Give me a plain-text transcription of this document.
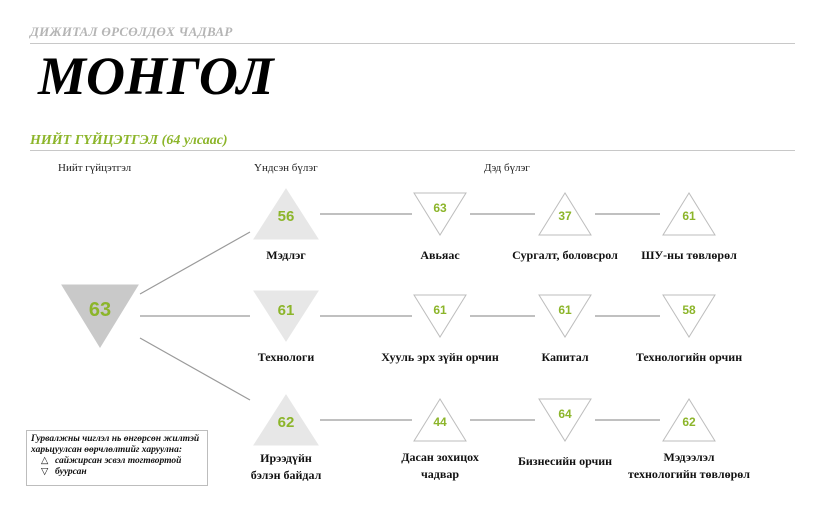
ДИЖИТАЛ ӨРСӨЛДӨХ ЧАДВАР
МОНГОЛ
НИЙТ ГҮЙЦЭТГЭЛ (64 улсаас)
Нийт гүйцэтгэл	Үндсэн бүлэг	Дэд бүлэг
63
56
Мэдлэг
63
Авьяас
37
Сургалт, боловсрол
61
ШУ-ны төвлөрөл
61
Технологи
61
Хууль эрх зүйн орчин
61
Капитал
58
Технологийн орчин
62
Ирээдүйн
бэлэн байдал
44
Дасан зохицох
чадвар
64
Бизнесийн орчин
62
Мэдээлэл
технологийн төвлөрөл
Гурвалжны чиглэл нь өнгөрсөн жилтэй
харьцуулсан өөрчлөлтийг харуулна:
△ сайжирсан эсвэл тогтвортой
▽ буурсан
